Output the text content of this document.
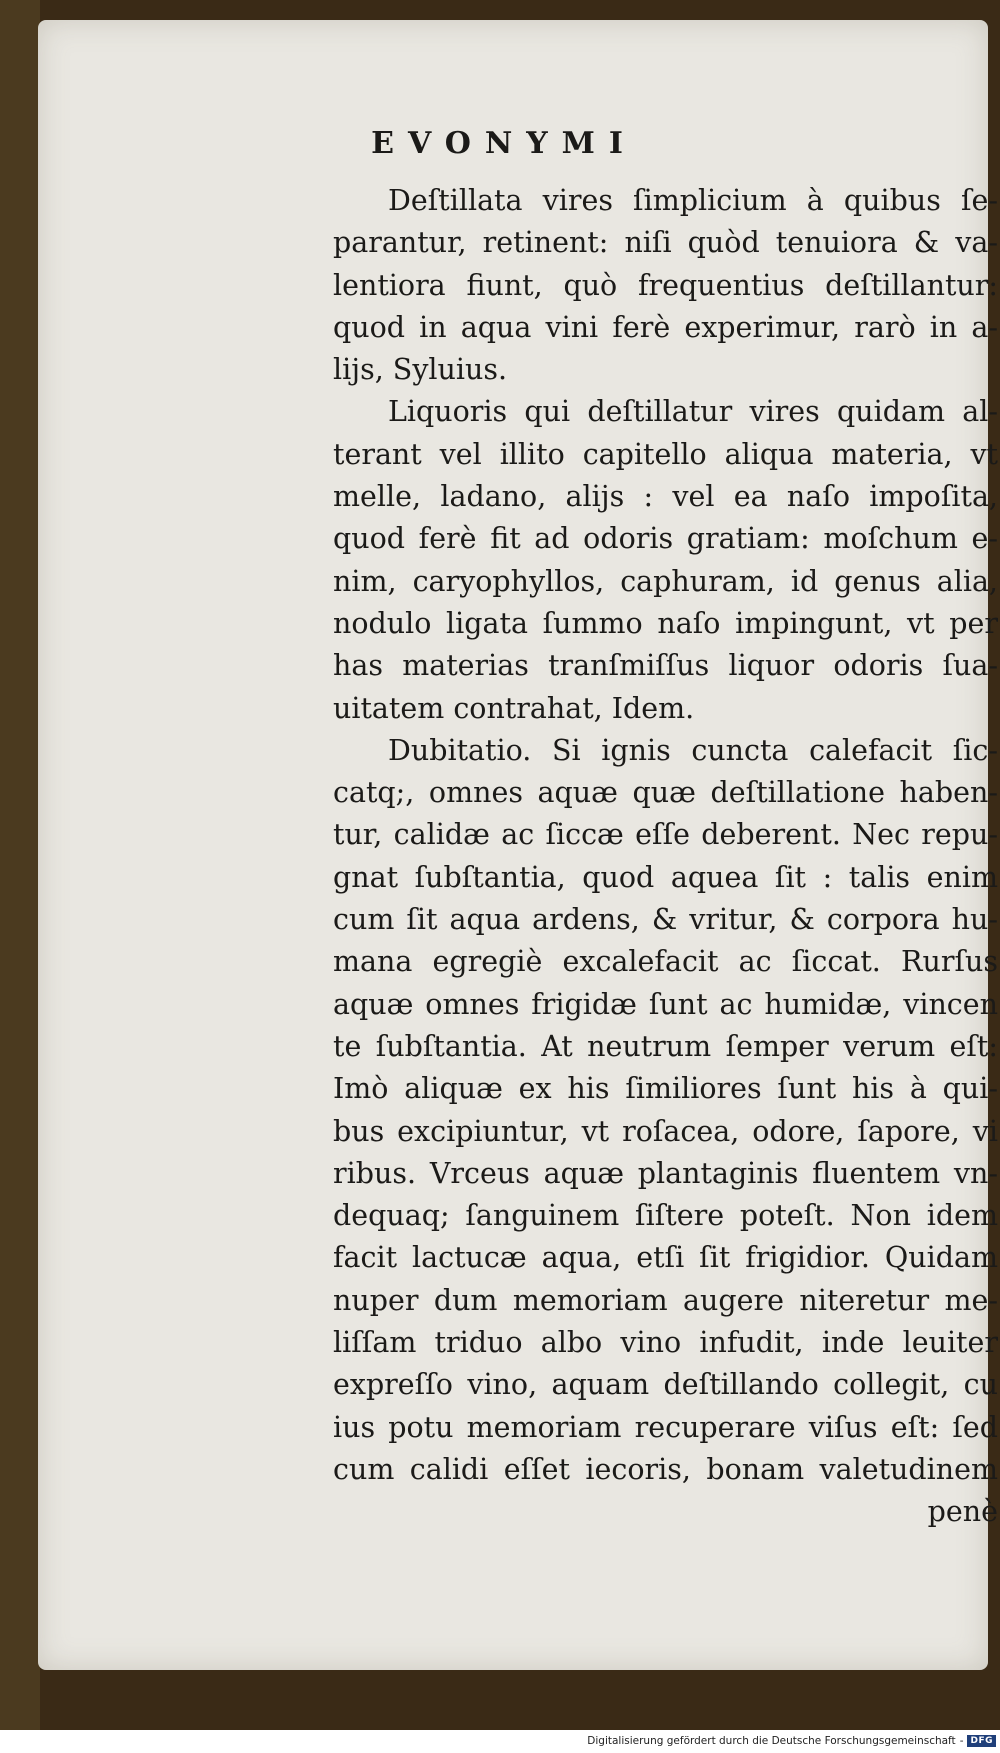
EVONYMI
Deſtillata vires ſimplicium à quibus ſe‑
parantur, retinent: niſi quòd tenuiora & va‑
lentiora fiunt, quò frequentius deſtillantur:
quod in aqua vini ferè experimur, rarò in a‑
lijs, Syluius.
Liquoris qui deſtillatur vires quidam al‑
terant vel illito capitello aliqua materia, vt
melle, ladano, alijs : vel ea naſo impoſita,
quod ferè fit ad odoris gratiam: moſchum e‑
nim, caryophyllos, caphuram, id genus alia,
nodulo ligata ſummo naſo impingunt, vt per
has materias tranſmiſſus liquor odoris ſua‑
uitatem contrahat, Idem.
Dubitatio. Si ignis cuncta calefacit ſic‑
catq;, omnes aquæ quæ deſtillatione haben‑
tur, calidæ ac ſiccæ eſſe deberent. Nec repu‑
gnat ſubſtantia, quod aquea ſit : talis enim
cum ſit aqua ardens, & vritur, & corpora hu-
mana egregiè excalefacit ac ſiccat. Rurſus
aquæ omnes frigidæ ſunt ac humidæ, vincen
te ſubſtantia. At neutrum ſemper verum eſt:
Imò aliquæ ex his ſimiliores ſunt his à qui‑
bus excipiuntur, vt roſacea, odore, ſapore, vi
ribus. Vrceus aquæ plantaginis fluentem vn‑
dequaq; ſanguinem ſiſtere poteſt. Non idem
facit lactucæ aqua, etſi ſit frigidior. Quidam
nuper dum memoriam augere niteretur me‑
liſſam triduo albo vino infudit, inde leuiter
expreſſo vino, aquam deſtillando collegit, cu
ius potu memoriam recuperare viſus eſt: ſed
cum calidi eſſet iecoris, bonam valetudinem
penè
Digitalisierung gefördert durch die Deutsche Forschungsgemeinschaft - DFG
